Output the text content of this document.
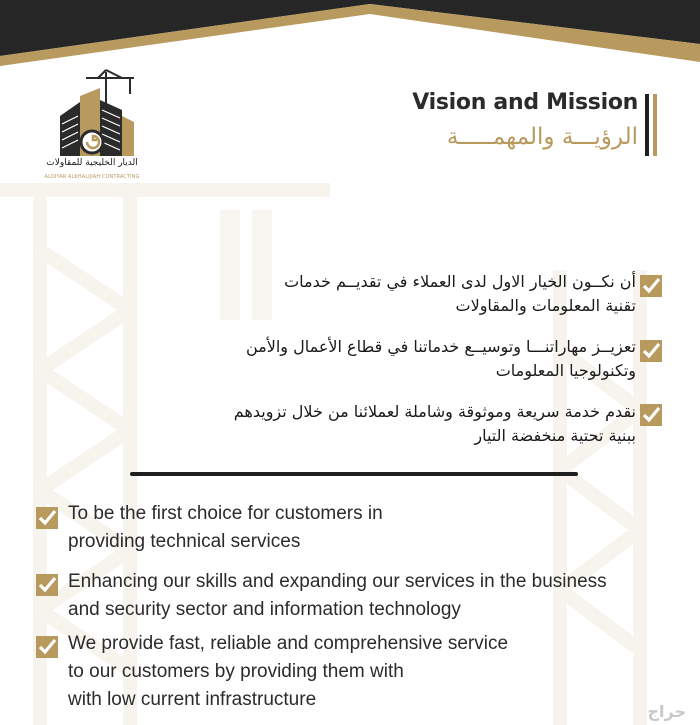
الديار الخليجية للمقاولات
ALDIYAR ALKHALIJIAH CONTRACTING
Vision and Mission
الرؤيـــة والمهمـــــة
أن نكــون الخيار الاول لدى العملاء في تقديــم خدمات
تقنية المعلومات والمقاولات
تعزيــز مهاراتنـــا وتوسيــع خدماتنا في قطاع الأعمال والأمن
وتكنولوجيا المعلومات
نقدم خدمة سريعة وموثوقة وشاملة لعملائنا من خلال تزويدهم
ببنية تحتية منخفضة التيار
To be the first choice for customers in
providing technical services
Enhancing our skills and expanding our services in the business
and security sector and information technology
We provide fast, reliable and comprehensive service
to our customers by providing them with
with low current infrastructure
حراج
